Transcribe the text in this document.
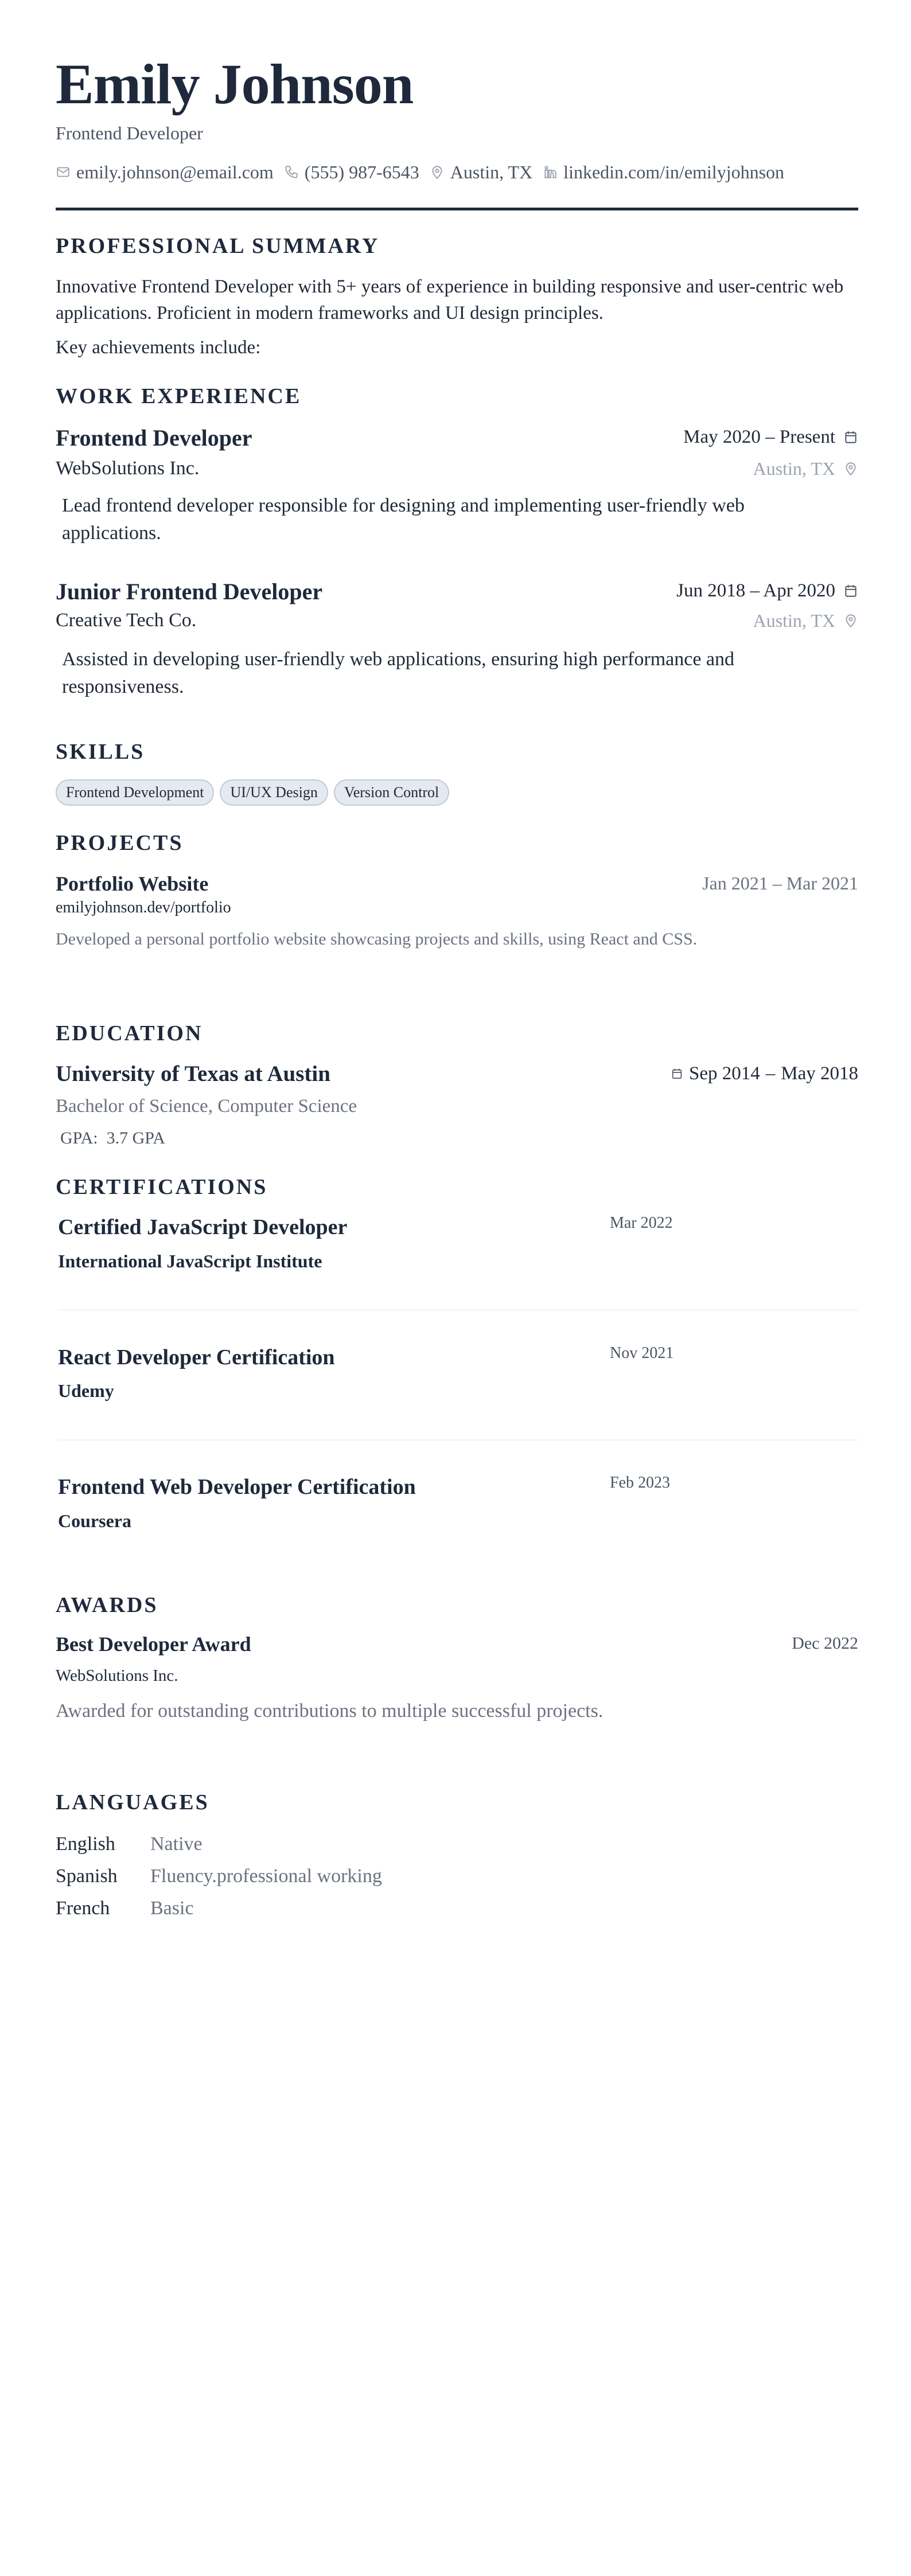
Emily Johnson
Frontend Developer
emily.johnson@email.com (555) 987-6543 Austin, TX linkedin.com/in/emilyjohnson
PROFESSIONAL SUMMARY
Innovative Frontend Developer with 5+ years of experience in building responsive and user-centric web applications. Proficient in modern frameworks and UI design principles.
Key achievements include:
WORK EXPERIENCE
Frontend Developer	May 2020 – Present
WebSolutions Inc.	Austin, TX
Lead frontend developer responsible for designing and implementing user-friendly web applications.
Junior Frontend Developer	Jun 2018 – Apr 2020
Creative Tech Co.	Austin, TX
Assisted in developing user-friendly web applications, ensuring high performance and responsiveness.
SKILLS
Frontend Development	UI/UX Design	Version Control
PROJECTS
Portfolio Website	Jan 2021 – Mar 2021
emilyjohnson.dev/portfolio
Developed a personal portfolio website showcasing projects and skills, using React and CSS.
EDUCATION
University of Texas at Austin	Sep 2014 – May 2018
Bachelor of Science, Computer Science
GPA: 3.7 GPA
CERTIFICATIONS
Certified JavaScript Developer	Mar 2022
International JavaScript Institute
React Developer Certification	Nov 2021
Udemy
Frontend Web Developer Certification	Feb 2023
Coursera
AWARDS
Best Developer Award	Dec 2022
WebSolutions Inc.
Awarded for outstanding contributions to multiple successful projects.
LANGUAGES
English Native
Spanish Fluency.professional working
French Basic
